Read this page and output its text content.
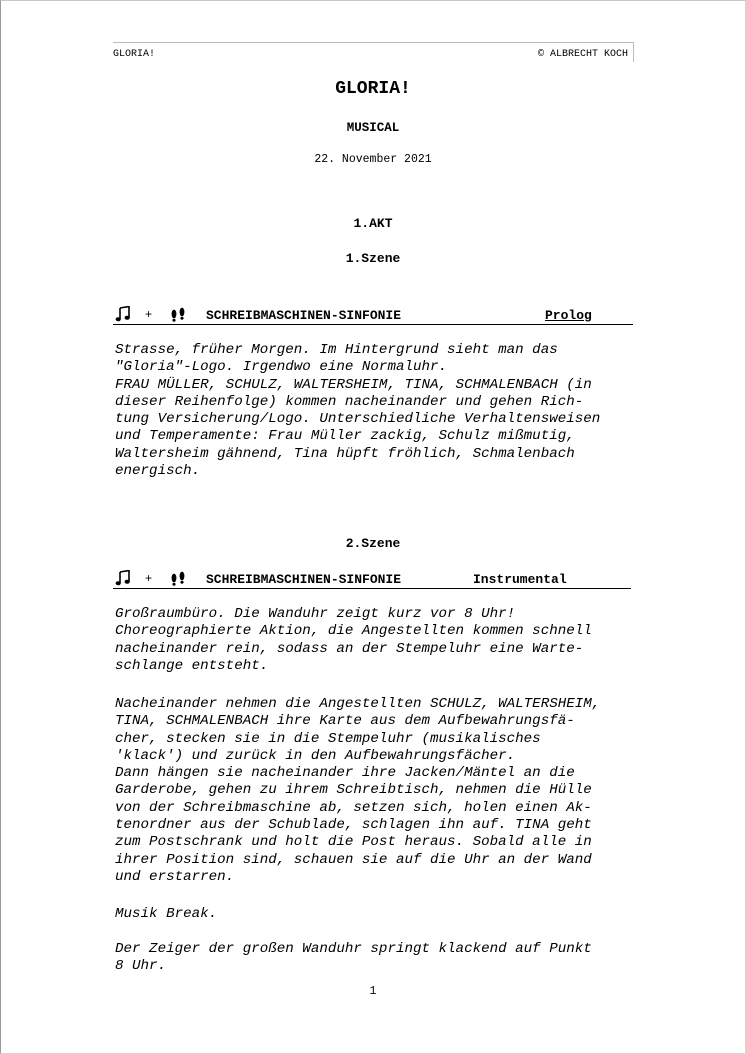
GLORIA!	© ALBRECHT KOCH
GLORIA!
MUSICAL
22. November 2021
1.AKT
1.Szene
+	SCHREIBMASCHINEN-SINFONIE	Prolog

Strasse, früher Morgen. Im Hintergrund sieht man das
"Gloria"-Logo. Irgendwo eine Normaluhr.
FRAU MÜLLER, SCHULZ, WALTERSHEIM, TINA, SCHMALENBACH (in
dieser Reihenfolge) kommen nacheinander und gehen Rich-
tung Versicherung/Logo. Unterschiedliche Verhaltensweisen
und Temperamente: Frau Müller zackig, Schulz mißmutig,
Waltersheim gähnend, Tina hüpft fröhlich, Schmalenbach
energisch.

2.Szene
+	SCHREIBMASCHINEN-SINFONIE	Instrumental

Großraumbüro. Die Wanduhr zeigt kurz vor 8 Uhr!
Choreographierte Aktion, die Angestellten kommen schnell
nacheinander rein, sodass an der Stempeluhr eine Warte-
schlange entsteht.

Nacheinander nehmen die Angestellten SCHULZ, WALTERSHEIM,
TINA, SCHMALENBACH ihre Karte aus dem Aufbewahrungsfä-
cher, stecken sie in die Stempeluhr (musikalisches
'klack') und zurück in den Aufbewahrungsfächer.
Dann hängen sie nacheinander ihre Jacken/Mäntel an die
Garderobe, gehen zu ihrem Schreibtisch, nehmen die Hülle
von der Schreibmaschine ab, setzen sich, holen einen Ak-
tenordner aus der Schublade, schlagen ihn auf. TINA geht
zum Postschrank und holt die Post heraus. Sobald alle in
ihrer Position sind, schauen sie auf die Uhr an der Wand
und erstarren.

Musik Break.

Der Zeiger der großen Wanduhr springt klackend auf Punkt
8 Uhr.

1
